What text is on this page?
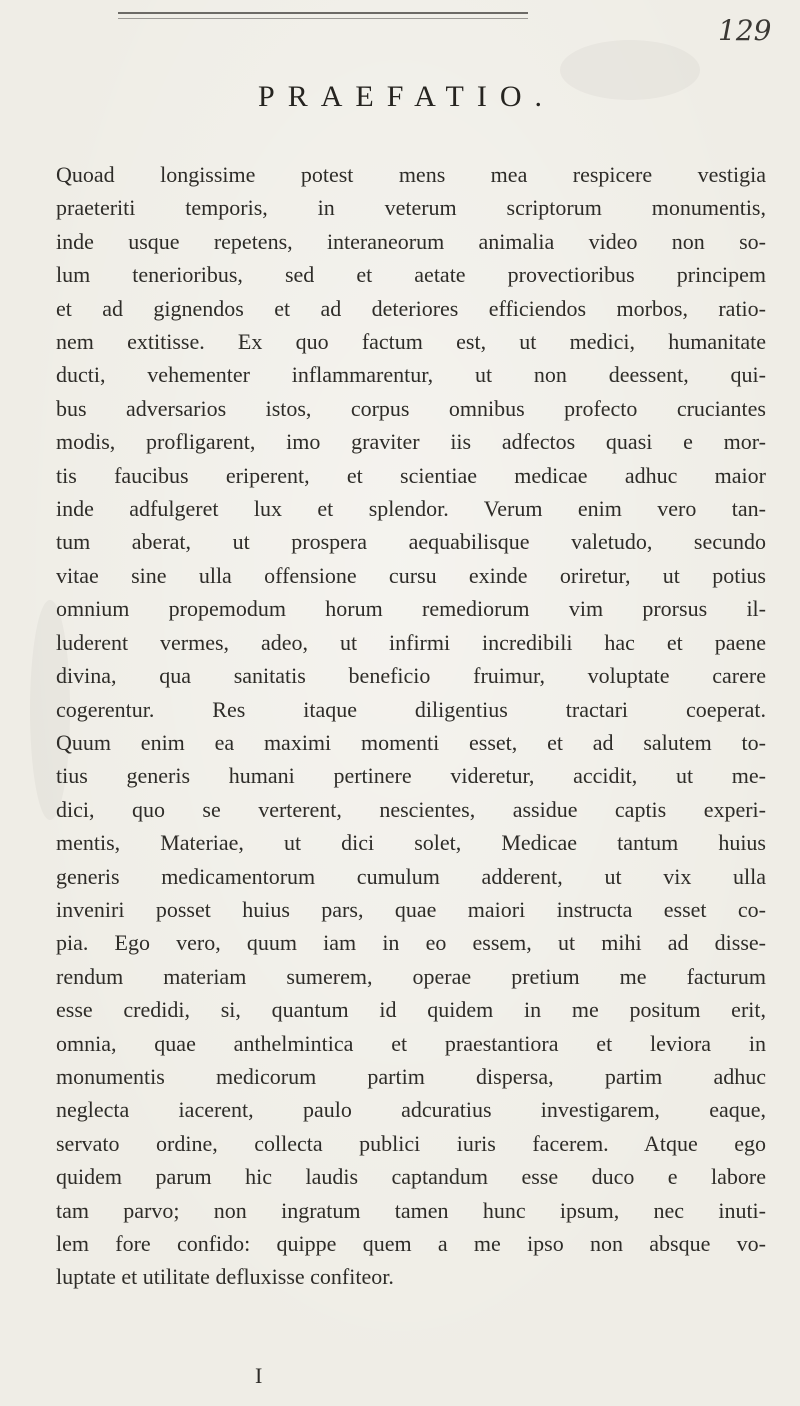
129
PRAEFATIO.
Quoad longissime potest mens mea respicere vestigia
praeteriti temporis, in veterum scriptorum monumentis,
inde usque repetens, interaneorum animalia video non so-
lum tenerioribus, sed et aetate provectioribus principem
et ad gignendos et ad deteriores efficiendos morbos, ratio-
nem extitisse. Ex quo factum est, ut medici, humanitate
ducti, vehementer inflammarentur, ut non deessent, qui-
bus adversarios istos, corpus omnibus profecto cruciantes
modis, profligarent, imo graviter iis adfectos quasi e mor-
tis faucibus eriperent, et scientiae medicae adhuc maior
inde adfulgeret lux et splendor. Verum enim vero tan-
tum aberat, ut prospera aequabilisque valetudo, secundo
vitae sine ulla offensione cursu exinde oriretur, ut potius
omnium propemodum horum remediorum vim prorsus il-
luderent vermes, adeo, ut infirmi incredibili hac et paene
divina, qua sanitatis beneficio fruimur, voluptate carere
cogerentur. Res itaque diligentius tractari coeperat.
Quum enim ea maximi momenti esset, et ad salutem to-
tius generis humani pertinere videretur, accidit, ut me-
dici, quo se verterent, nescientes, assidue captis experi-
mentis, Materiae, ut dici solet, Medicae tantum huius
generis medicamentorum cumulum adderent, ut vix ulla
inveniri posset huius pars, quae maiori instructa esset co-
pia. Ego vero, quum iam in eo essem, ut mihi ad disse-
rendum materiam sumerem, operae pretium me facturum
esse credidi, si, quantum id quidem in me positum erit,
omnia, quae anthelmintica et praestantiora et leviora in
monumentis medicorum partim dispersa, partim adhuc
neglecta iacerent, paulo adcuratius investigarem, eaque,
servato ordine, collecta publici iuris facerem. Atque ego
quidem parum hic laudis captandum esse duco e labore
tam parvo; non ingratum tamen hunc ipsum, nec inuti-
lem fore confido: quippe quem a me ipso non absque vo-
luptate et utilitate defluxisse confiteor.
I
